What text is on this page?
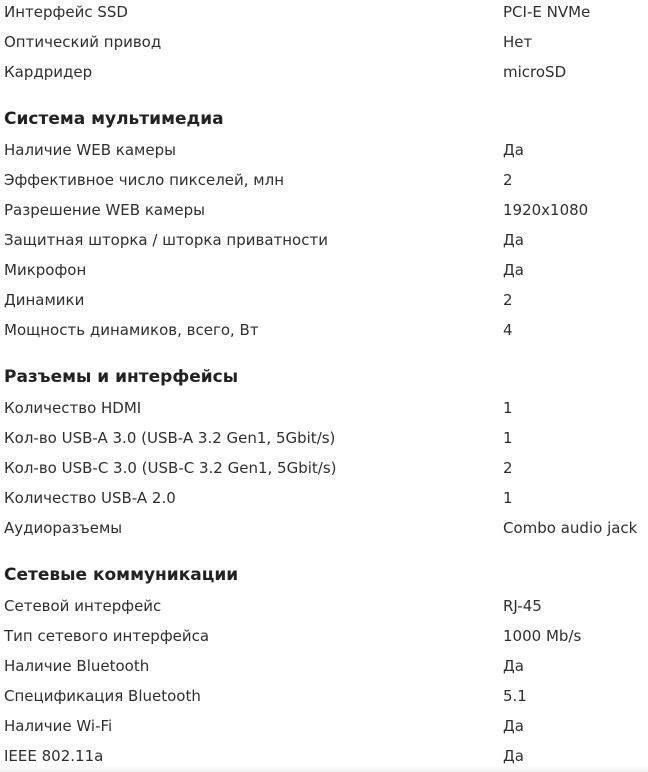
Интерфейс SSD	PCI-E NVMe
Оптический привод	Нет
Кардридер	microSD
Система мультимедиа
Наличие WEB камеры	Да
Эффективное число пикселей, млн	2
Разрешение WEB камеры	1920x1080
Защитная шторка / шторка приватности	Да
Микрофон	Да
Динамики	2
Мощность динамиков, всего, Вт	4
Разъемы и интерфейсы
Количество HDMI	1
Кол-во USB-A 3.0 (USB-A 3.2 Gen1, 5Gbit/s)	1
Кол-во USB-C 3.0 (USB-C 3.2 Gen1, 5Gbit/s)	2
Количество USB-A 2.0	1
Аудиоразъемы	Combo audio jack
Сетевые коммуникации
Сетевой интерфейс	RJ-45
Тип сетевого интерфейса	1000 Mb/s
Наличие Bluetooth	Да
Спецификация Bluetooth	5.1
Наличие Wi-Fi	Да
IEEE 802.11a	Да
